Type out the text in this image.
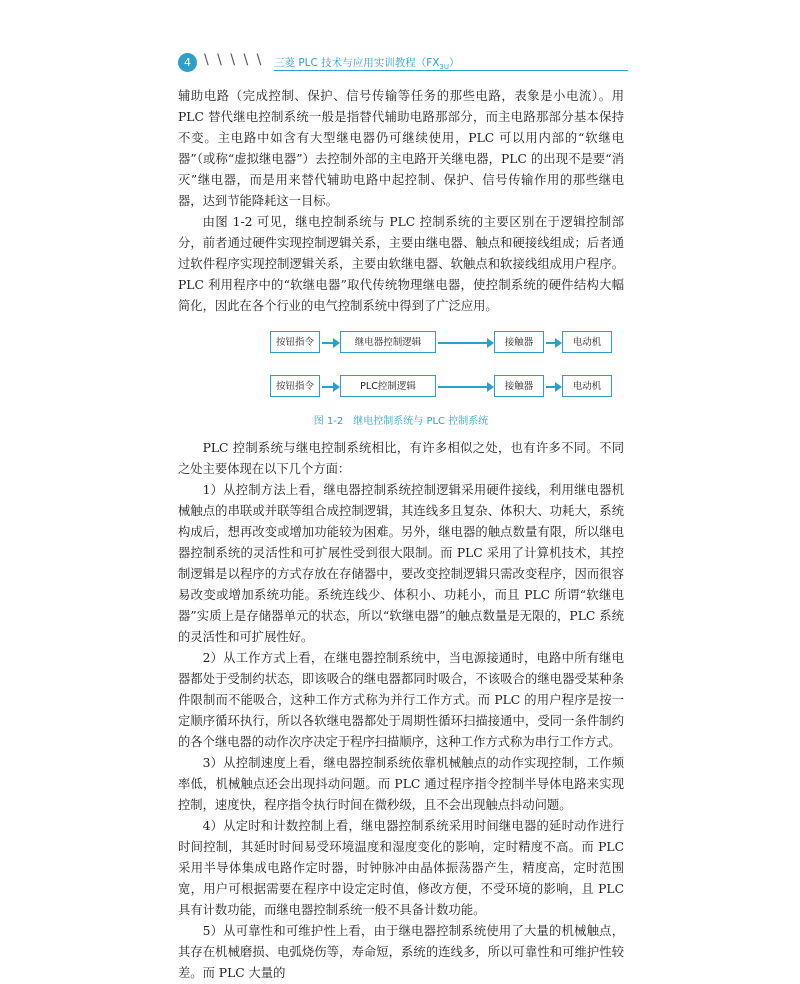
4 \ \ \ \ \ 三菱 PLC 技术与应用实训教程$(FX_{3U})$

辅助电路（完成控制、保护、信号传输等任务的那些电路，表象是小电流）。用 PLC 替代继电控制系统一般是指替代辅助电路那部分，而主电路那部分基本保持不变。主电路中如含有大型继电器仍可继续使用，PLC 可以用内部的“软继电器”（或称“虚拟继电器”）去控制外部的主电路开关继电器，PLC 的出现不是要“消灭”继电器，而是用来替代辅助电路中起控制、保护、信号传输作用的那些继电器，达到节能降耗这一目标。

由图 1-2 可见，继电控制系统与 PLC 控制系统的主要区别在于逻辑控制部分，前者通过硬件实现控制逻辑关系，主要由继电器、触点和硬接线组成；后者通过软件程序实现控制逻辑关系，主要由软继电器、软触点和软接线组成用户程序。PLC 利用程序中的“软继电器”取代传统物理继电器，使控制系统的硬件结构大幅简化，因此在各个行业的电气控制系统中得到了广泛应用。

按钮指令	继电器控制逻辑	接触器	电动机
按钮指令	PLC控制逻辑	接触器	电动机
图 1-2　继电控制系统与 PLC 控制系统

PLC 控制系统与继电控制系统相比，有许多相似之处，也有许多不同。不同之处主要体现在以下几个方面：

1）从控制方法上看，继电器控制系统控制逻辑采用硬件接线，利用继电器机械触点的串联或并联等组合成控制逻辑，其连线多且复杂、体积大、功耗大，系统构成后，想再改变或增加功能较为困难。另外，继电器的触点数量有限，所以继电器控制系统的灵活性和可扩展性受到很大限制。而 PLC 采用了计算机技术，其控制逻辑是以程序的方式存放在存储器中，要改变控制逻辑只需改变程序，因而很容易改变或增加系统功能。系统连线少、体积小、功耗小，而且 PLC 所谓“软继电器”实质上是存储器单元的状态，所以“软继电器”的触点数量是无限的，PLC 系统的灵活性和可扩展性好。

2）从工作方式上看，在继电器控制系统中，当电源接通时，电路中所有继电器都处于受制约状态，即该吸合的继电器都同时吸合，不该吸合的继电器受某种条件限制而不能吸合，这种工作方式称为并行工作方式。而 PLC 的用户程序是按一定顺序循环执行，所以各软继电器都处于周期性循环扫描接通中，受同一条件制约的各个继电器的动作次序决定于程序扫描顺序，这种工作方式称为串行工作方式。

3）从控制速度上看，继电器控制系统依靠机械触点的动作实现控制，工作频率低，机械触点还会出现抖动问题。而 PLC 通过程序指令控制半导体电路来实现控制，速度快，程序指令执行时间在微秒级，且不会出现触点抖动问题。

4）从定时和计数控制上看，继电器控制系统采用时间继电器的延时动作进行时间控制，其延时时间易受环境温度和湿度变化的影响，定时精度不高。而 PLC 采用半导体集成电路作定时器，时钟脉冲由晶体振荡器产生，精度高，定时范围宽，用户可根据需要在程序中设定定时值，修改方便，不受环境的影响，且 PLC 具有计数功能，而继电器控制系统一般不具备计数功能。

5）从可靠性和可维护性上看，由于继电器控制系统使用了大量的机械触点，其存在机械磨损、电弧烧伤等，寿命短，系统的连线多，所以可靠性和可维护性较差。而 PLC 大量的
